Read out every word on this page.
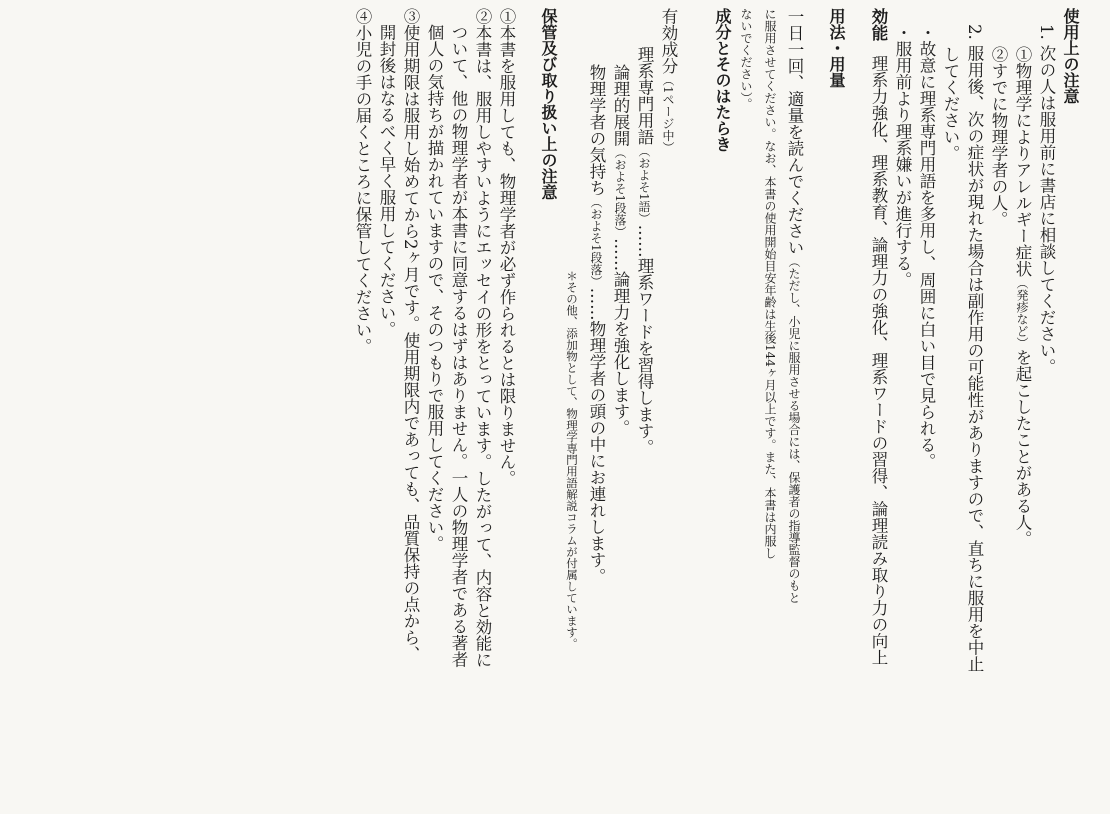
使用上の注意

1. 次の人は服用前に書店に相談してください。

①物理学によりアレルギー症状（発疹など）を起こしたことがある人。

②すでに物理学者の人。

2. 服用後、次の症状が現れた場合は副作用の可能性がありますので、直ちに服用を中止

してください。

・故意に理系専門用語を多用し、周囲に白い目で見られる。

・服用前より理系嫌いが進行する。

効能理系力強化、理系教育、論理力の強化、理系ワードの習得、論理読み取り力の向上

用法・用量

一日一回、適量を読んでください（ただし、小児に服用させる場合には、保護者の指導監督のもと

に服用させてください。なお、本書の使用開始目安年齢は生後144ヶ月以上です。また、本書は内服し

ないでください）。

成分とそのはたらき

有効成分（1ページ中）

理系専門用語（およそ1語）……理系ワードを習得します。

論理的展開（およそ1段落）……論理力を強化します。

物理学者の気持ち（およそ1段落）……物理学者の頭の中にお連れします。

＊その他、添加物として、物理学専門用語解説コラムが付属しています。

保管及び取り扱い上の注意

①本書を服用しても、物理学者が必ず作られるとは限りません。

②本書は、服用しやすいようにエッセイの形をとっています。したがって、内容と効能に

ついて、他の物理学者が本書に同意するはずはありません。一人の物理学者である著者

個人の気持ちが描かれていますので、そのつもりで服用してください。

③使用期限は服用し始めてから2ヶ月です。使用期限内であっても、品質保持の点から、

開封後はなるべく早く服用してください。

④小児の手の届くところに保管してください。
